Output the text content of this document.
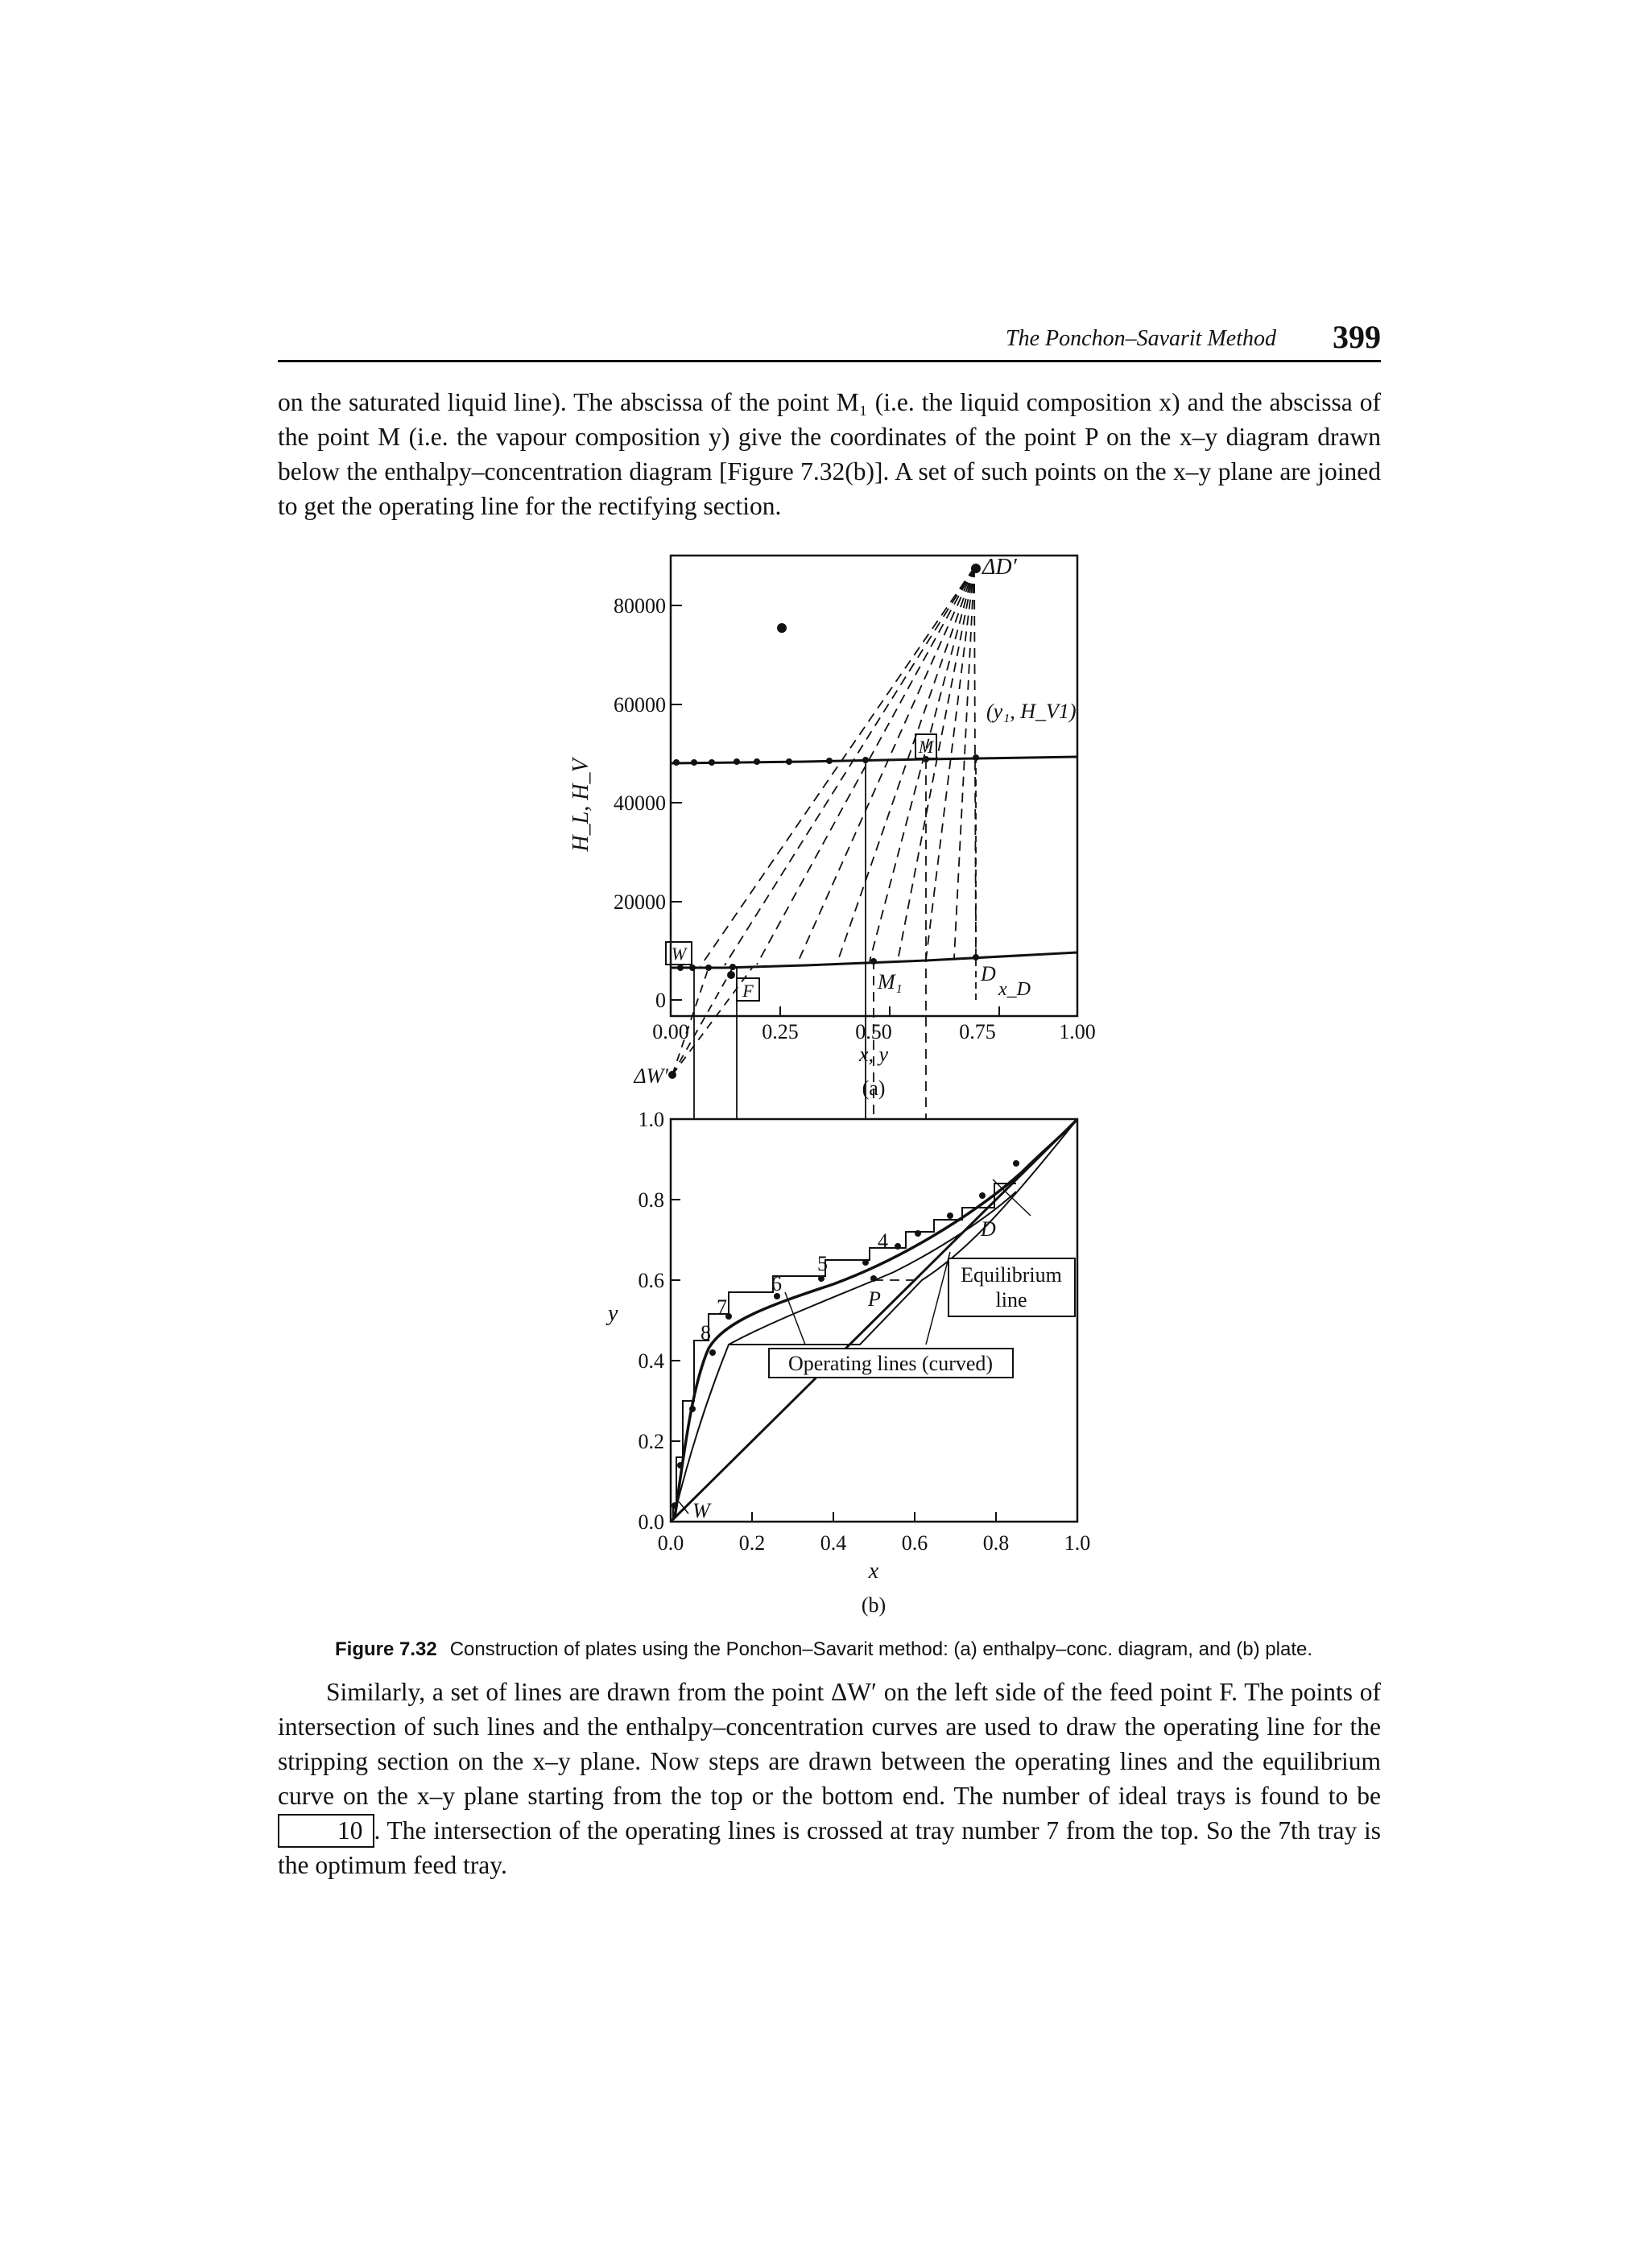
The Ponchon–Savarit Method 399

on the saturated liquid line). The abscissa of the point M₁ (i.e. the liquid composition x) and the abscissa of the point M (i.e. the vapour composition y) give the coordinates of the point P on the x–y diagram drawn below the enthalpy–concentration diagram [Figure 7.32(b)]. A set of such points on the x–y plane are joined to get the operating line for the rectifying section.

80000
60000
40000
20000
0
H_L, H_V
0.00	0.25	0.50	0.75	1.00
x, y
(a)
ΔD′
(y₁, H_V1)
M
M₁	D
x_D
W
F
ΔW′
1.0
0.8
0.6
0.4
0.2
0.0
y
0.0	0.2	0.4	0.6	0.8	1.0
x
(b)
4
5
6
7
8
D
P
W
Equilibrium
line
Operating lines (curved)
Figure 7.32 Construction of plates using the Ponchon–Savarit method: (a) enthalpy–conc. diagram, and (b) plate.

Similarly, a set of lines are drawn from the point ΔW′ on the left side of the feed point F. The points of intersection of such lines and the enthalpy–concentration curves are used to draw the operating line for the stripping section on the x–y plane. Now steps are drawn between the operating lines and the equilibrium curve on the x–y plane starting from the top or the bottom end. The number of ideal trays is found to be 10 . The intersection of the operating lines is crossed at tray number 7 from the top. So the 7th tray is the optimum feed tray.
